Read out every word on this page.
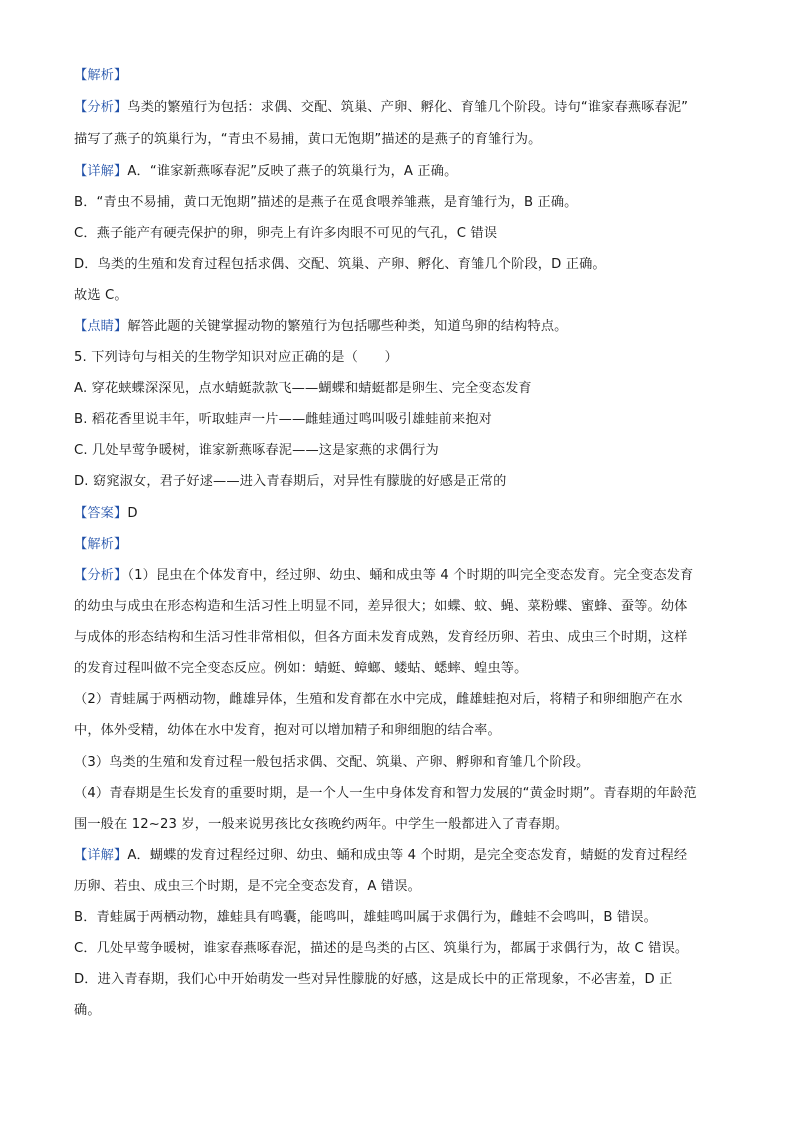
【解析】
【分析】鸟类的繁殖行为包括：求偶、交配、筑巢、产卵、孵化、育雏几个阶段。诗句“谁家春燕啄春泥”
描写了燕子的筑巢行为，“青虫不易捕，黄口无饱期”描述的是燕子的育雏行为。
【详解】A．“谁家新燕啄春泥”反映了燕子的筑巢行为，A 正确。
B．“青虫不易捕，黄口无饱期”描述的是燕子在觅食喂养雏燕，是育雏行为，B 正确。
C．燕子能产有硬壳保护的卵，卵壳上有许多肉眼不可见的气孔，C 错误
D．鸟类的生殖和发育过程包括求偶、交配、筑巢、产卵、孵化、育雏几个阶段，D 正确。
故选 C。
【点睛】解答此题的关键掌握动物的繁殖行为包括哪些种类，知道鸟卵的结构特点。
5. 下列诗句与相关的生物学知识对应正确的是（　　）
A. 穿花蛱蝶深深见，点水蜻蜓款款飞——蝴蝶和蜻蜓都是卵生、完全变态发育
B. 稻花香里说丰年，听取蛙声一片——雌蛙通过鸣叫吸引雄蛙前来抱对
C. 几处早莺争暖树，谁家新燕啄春泥——这是家燕的求偶行为
D. 窈窕淑女，君子好逑——进入青春期后，对异性有朦胧的好感是正常的
【答案】D
【解析】
【分析】（1）昆虫在个体发育中，经过卵、幼虫、蛹和成虫等 4 个时期的叫完全变态发育。完全变态发育
的幼虫与成虫在形态构造和生活习性上明显不同，差异很大；如蝶、蚊、蝇、菜粉蝶、蜜蜂、蚕等。幼体
与成体的形态结构和生活习性非常相似，但各方面未发育成熟，发育经历卵、若虫、成虫三个时期，这样
的发育过程叫做不完全变态反应。例如：蜻蜓、蟑螂、蝼蛄、蟋蟀、蝗虫等。
（2）青蛙属于两栖动物，雌雄异体，生殖和发育都在水中完成，雌雄蛙抱对后，将精子和卵细胞产在水
中，体外受精，幼体在水中发育，抱对可以增加精子和卵细胞的结合率。
（3）鸟类的生殖和发育过程一般包括求偶、交配、筑巢、产卵、孵卵和育雏几个阶段。
（4）青春期是生长发育的重要时期，是一个人一生中身体发育和智力发展的“黄金时期”。青春期的年龄范
围一般在 12~23 岁，一般来说男孩比女孩晚约两年。中学生一般都进入了青春期。
【详解】A．蝴蝶的发育过程经过卵、幼虫、蛹和成虫等 4 个时期，是完全变态发育，蜻蜓的发育过程经
历卵、若虫、成虫三个时期，是不完全变态发育，A 错误。
B．青蛙属于两栖动物，雄蛙具有鸣囊，能鸣叫，雄蛙鸣叫属于求偶行为，雌蛙不会鸣叫，B 错误。
C．几处早莺争暖树，谁家春燕啄春泥，描述的是鸟类的占区、筑巢行为，都属于求偶行为，故 C 错误。
D．进入青春期，我们心中开始萌发一些对异性朦胧的好感，这是成长中的正常现象，不必害羞，D 正
确。
